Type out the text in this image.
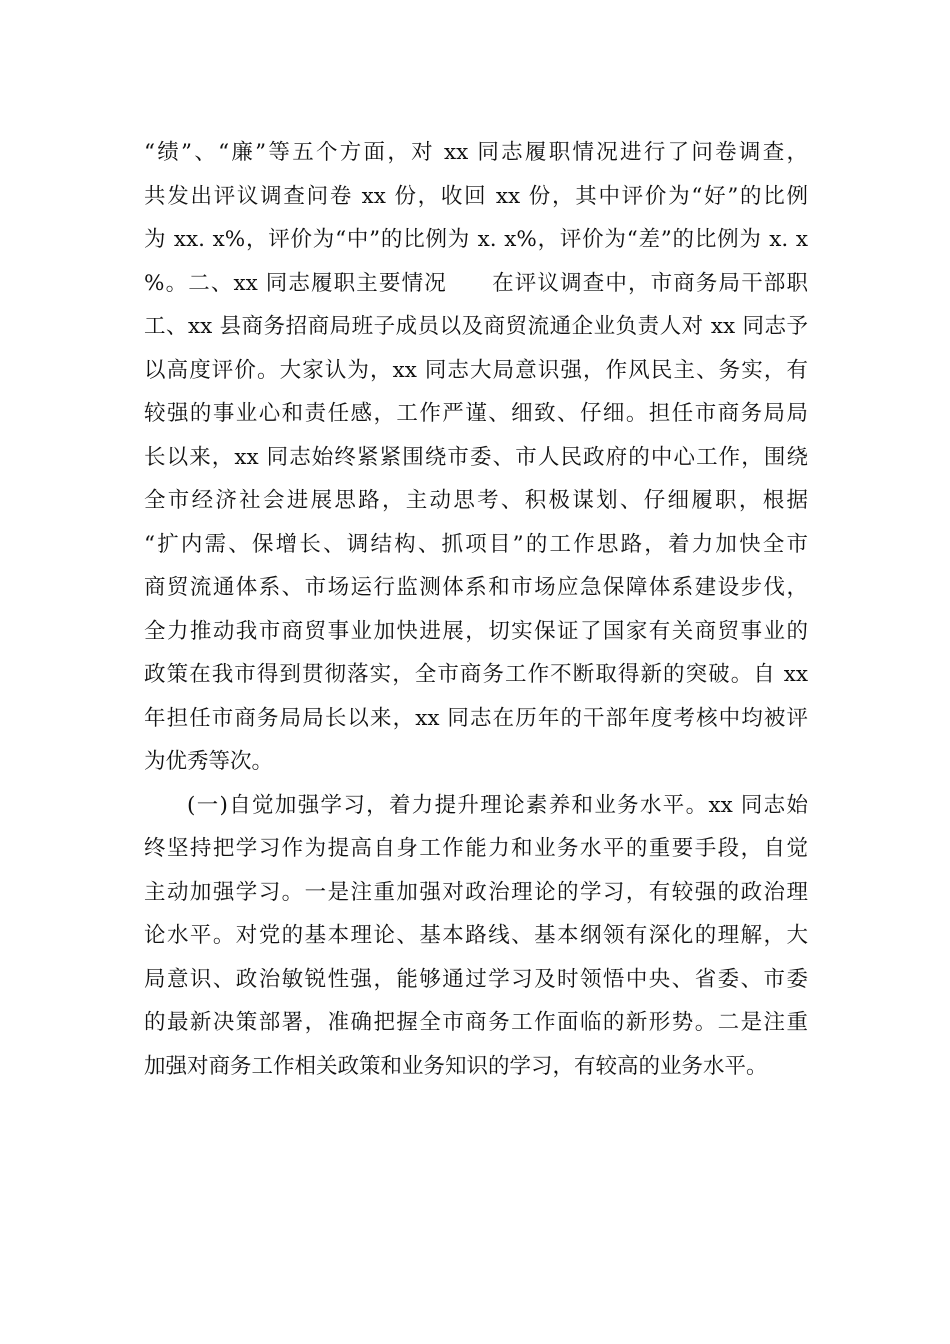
“绩”、“廉”等五个方面，对 xx 同志履职情况进行了问卷调查，
共发出评议调查问卷 xx 份，收回 xx 份，其中评价为“好”的比例
为 xx. x%，评价为“中”的比例为 x. x%，评价为“差”的比例为 x. x
%。二、xx 同志履职主要情况　　在评议调查中，市商务局干部职
工、xx 县商务招商局班子成员以及商贸流通企业负责人对 xx 同志予
以高度评价。大家认为，xx 同志大局意识强，作风民主、务实，有
较强的事业心和责任感，工作严谨、细致、仔细。担任市商务局局
长以来，xx 同志始终紧紧围绕市委、市人民政府的中心工作，围绕
全市经济社会进展思路，主动思考、积极谋划、仔细履职，根据
“扩内需、保增长、调结构、抓项目”的工作思路，着力加快全市
商贸流通体系、市场运行监测体系和市场应急保障体系建设步伐，
全力推动我市商贸事业加快进展，切实保证了国家有关商贸事业的
政策在我市得到贯彻落实，全市商务工作不断取得新的突破。自 xx
年担任市商务局局长以来，xx 同志在历年的干部年度考核中均被评
为优秀等次。
(一)自觉加强学习，着力提升理论素养和业务水平。xx 同志始
终坚持把学习作为提高自身工作能力和业务水平的重要手段，自觉
主动加强学习。一是注重加强对政治理论的学习，有较强的政治理
论水平。对党的基本理论、基本路线、基本纲领有深化的理解，大
局意识、政治敏锐性强，能够通过学习及时领悟中央、省委、市委
的最新决策部署，准确把握全市商务工作面临的新形势。二是注重
加强对商务工作相关政策和业务知识的学习，有较高的业务水平。
